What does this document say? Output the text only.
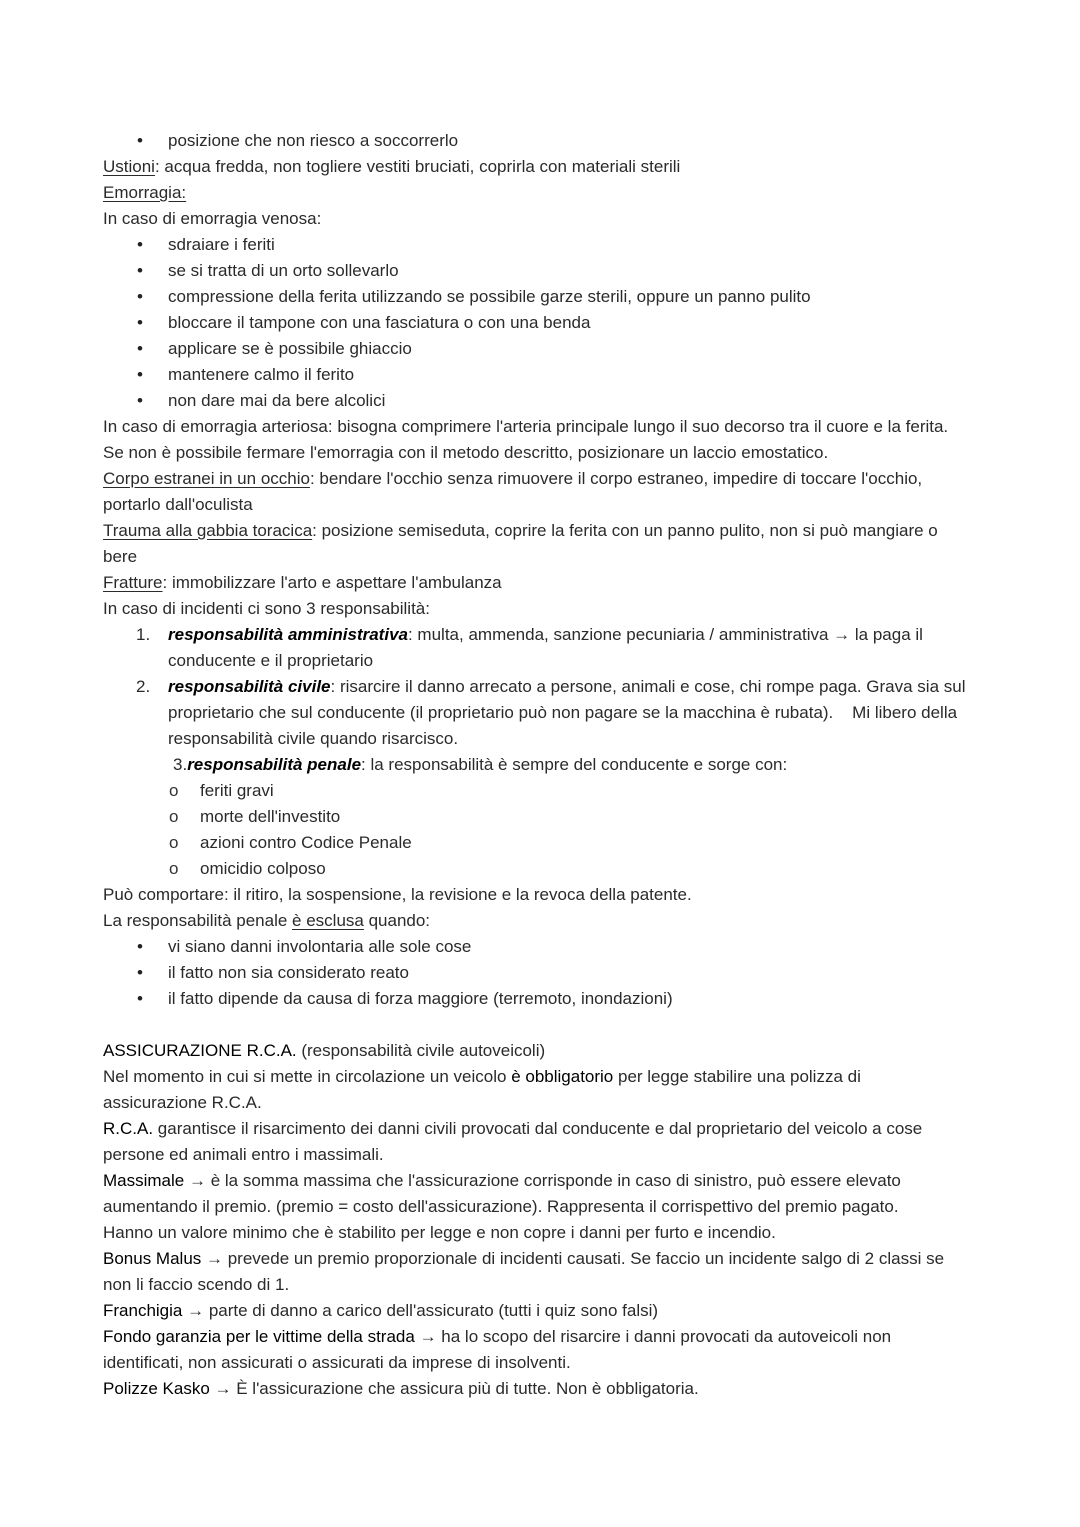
• posizione che non riesco a soccorrerlo
Ustioni: acqua fredda, non togliere vestiti bruciati, coprirla con materiali sterili
Emorragia:
In caso di emorragia venosa:
• sdraiare i feriti
• se si tratta di un orto sollevarlo
• compressione della ferita utilizzando se possibile garze sterili, oppure un panno pulito
• bloccare il tampone con una fasciatura o con una benda
• applicare se è possibile ghiaccio
• mantenere calmo il ferito
• non dare mai da bere alcolici
In caso di emorragia arteriosa: bisogna comprimere l'arteria principale lungo il suo decorso tra il cuore e la ferita.
Se non è possibile fermare l'emorragia con il metodo descritto, posizionare un laccio emostatico.
Corpo estranei in un occhio: bendare l'occhio senza rimuovere il corpo estraneo, impedire di toccare l'occhio,
portarlo dall'oculista
Trauma alla gabbia toracica: posizione semiseduta, coprire la ferita con un panno pulito, non si può mangiare o
bere
Fratture: immobilizzare l'arto e aspettare l'ambulanza
In caso di incidenti ci sono 3 responsabilità:
1. responsabilità amministrativa: multa, ammenda, sanzione pecuniaria / amministrativa → la paga il
conducente e il proprietario
2. responsabilità civile: risarcire il danno arrecato a persone, animali e cose, chi rompe paga. Grava sia sul
proprietario che sul conducente (il proprietario può non pagare se la macchina è rubata).    Mi libero della
responsabilità civile quando risarcisco.
3.responsabilità penale: la responsabilità è sempre del conducente e sorge con:
o feriti gravi
o morte dell'investito
o azioni contro Codice Penale
o omicidio colposo
Può comportare: il ritiro, la sospensione, la revisione e la revoca della patente.
La responsabilità penale è esclusa quando:
• vi siano danni involontaria alle sole cose
• il fatto non sia considerato reato
• il fatto dipende da causa di forza maggiore (terremoto, inondazioni)
ASSICURAZIONE R.C.A. (responsabilità civile autoveicoli)
Nel momento in cui si mette in circolazione un veicolo è obbligatorio per legge stabilire una polizza di
assicurazione R.C.A.
R.C.A. garantisce il risarcimento dei danni civili provocati dal conducente e dal proprietario del veicolo a cose
persone ed animali entro i massimali.
Massimale → è la somma massima che l'assicurazione corrisponde in caso di sinistro, può essere elevato
aumentando il premio. (premio = costo dell'assicurazione). Rappresenta il corrispettivo del premio pagato.
Hanno un valore minimo che è stabilito per legge e non copre i danni per furto e incendio.
Bonus Malus → prevede un premio proporzionale di incidenti causati. Se faccio un incidente salgo di 2 classi se
non li faccio scendo di 1.
Franchigia → parte di danno a carico dell'assicurato (tutti i quiz sono falsi)
Fondo garanzia per le vittime della strada → ha lo scopo del risarcire i danni provocati da autoveicoli non
identificati, non assicurati o assicurati da imprese di insolventi.
Polizze Kasko → È l'assicurazione che assicura più di tutte. Non è obbligatoria.
